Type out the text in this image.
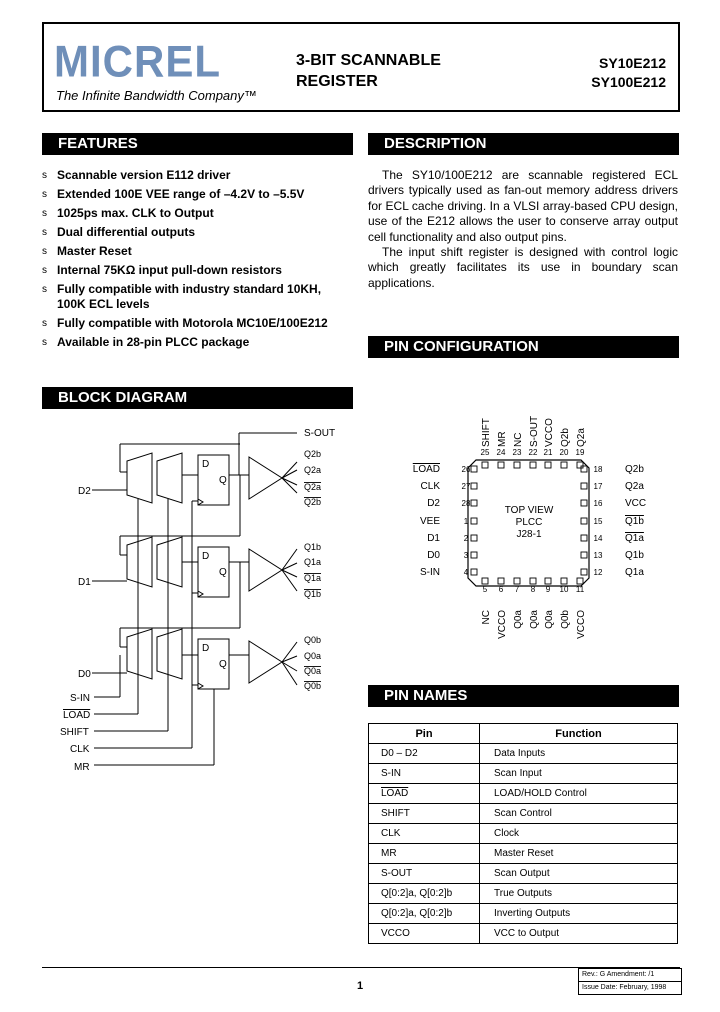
MICREL
The Infinite Bandwidth Company™
3-BIT SCANNABLE
REGISTER
SY10E212
SY100E212
FEATURES
s Scannable version E112 driver
s Extended 100E VEE range of –4.2V to –5.5V
s 1025ps max. CLK to Output
s Dual differential outputs
s Master Reset
s Internal 75KΩ input pull-down resistors
s Fully compatible with industry standard 10KH, 100K ECL levels
s Fully compatible with Motorola MC10E/100E212
s Available in 28-pin PLCC package
DESCRIPTION

The SY10/100E212 are scannable registered ECL drivers typically used as fan-out memory address drivers for ECL cache driving. In a VLSI array-based CPU design, use of the E212 allows the user to conserve array output cell functionality and also output pins.

The input shift register is designed with control logic which greatly facilitates its use in boundary scan applications.

BLOCK DIAGRAM
S-OUT
D2
D1
D0
S-IN
LOAD
SHIFT
CLK
MR
D
Q
D
Q
D
Q
Q2b
Q2a
Q2a
Q2b
Q1b
Q1a
Q1a
Q1b
Q0b
Q0a
Q0a
Q0b
PIN CONFIGURATION
TOP VIEW
PLCC
J28-1
SHIFT MR NC S-OUT VCCO Q2b Q2a
25 24 23 22 21 20 19
LOAD
CLK
D2
VEE
D1
D0
S-IN
26
27
28
2
3
4
1
Q2b
Q2a
VCC
Q1b
Q1a
Q1b
Q1a
18
17
16
15
14
13
12
5 6 7 8 9 10 11
NC VCCO Q0a Q0a Q0a Q0b VCCO
PIN NAMES
Pin	Function
D0 – D2	Data Inputs
S-IN	Scan Input
LOAD	LOAD/HOLD Control
SHIFT	Scan Control
CLK	Clock
MR	Master Reset
S-OUT	Scan Output
Q[0:2]a, Q[0:2]b	True Outputs
Q[0:2]a, Q[0:2]b	Inverting Outputs
VCCO	VCC to Output
1
Rev.: G Amendment: /1
Issue Date: February, 1998
